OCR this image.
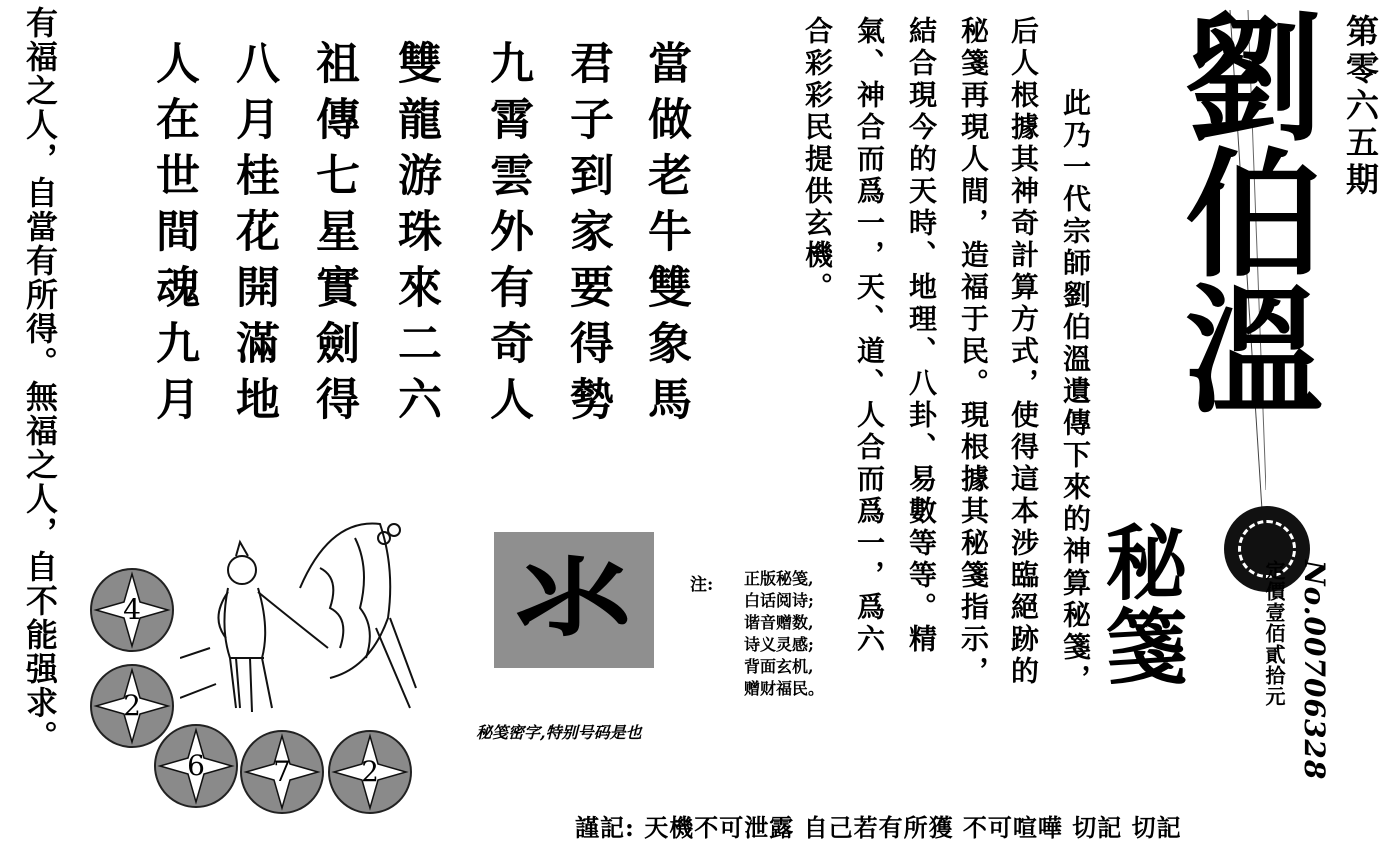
有福之人，自當有所得。無福之人，自不能强求。	當做老牛雙象馬
君子到家要得勢
九霄雲外有奇人
雙龍游珠來二六
祖傳七星實劍得
八月桂花開滿地
人在世間魂九月	此乃一代宗師劉伯溫遺傳下來的神算秘箋，
后人根據其神奇計算方式，使得這本涉臨絕跡的
秘箋再現人間，造福于民。現根據其秘箋指示，
結合現今的天時、地理、八卦、易數等等。精
氣、神合而爲一，天、道、人合而爲一，爲六
合彩彩民提供玄機。 劉伯溫
秘箋
第零六五期
定價壹佰貳拾元 No.00706328
氺	注: 正版秘笺,
白话阅诗;
谐音赠数,
诗义灵感;
背面玄机,
赠财福民。
秘笺密字,特别号码是也
4
2
6	7	2
謹記: 天機不可泄露 自己若有所獲 不可喧嘩 切記 切記
